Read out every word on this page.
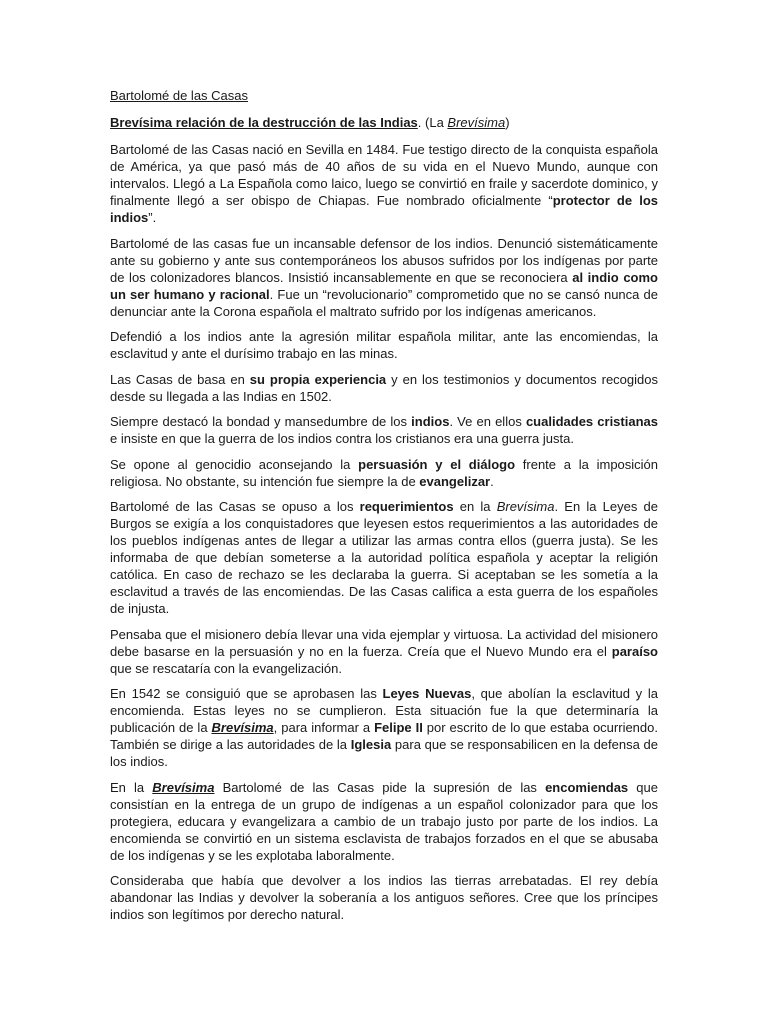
Bartolomé de las Casas

Brevísima relación de la destrucción de las Indias. (La Brevísima)

Bartolomé de las Casas nació en Sevilla en 1484. Fue testigo directo de la conquista española de América, ya que pasó más de 40 años de su vida en el Nuevo Mundo, aunque con intervalos. Llegó a La Española como laico, luego se convirtió en fraile y sacerdote dominico, y finalmente llegó a ser obispo de Chiapas. Fue nombrado oficialmente “protector de los indios”.

Bartolomé de las casas fue un incansable defensor de los indios. Denunció sistemáticamente ante su gobierno y ante sus contemporáneos los abusos sufridos por los indígenas por parte de los colonizadores blancos. Insistió incansablemente en que se reconociera al indio como un ser humano y racional. Fue un “revolucionario” comprometido que no se cansó nunca de denunciar ante la Corona española el maltrato sufrido por los indígenas americanos.

Defendió a los indios ante la agresión militar española militar, ante las encomiendas, la esclavitud y ante el durísimo trabajo en las minas.

Las Casas de basa en su propia experiencia y en los testimonios y documentos recogidos desde su llegada a las Indias en 1502.

Siempre destacó la bondad y mansedumbre de los indios. Ve en ellos cualidades cristianas e insiste en que la guerra de los indios contra los cristianos era una guerra justa.

Se opone al genocidio aconsejando la persuasión y el diálogo frente a la imposición religiosa. No obstante, su intención fue siempre la de evangelizar.

Bartolomé de las Casas se opuso a los requerimientos en la Brevísima. En la Leyes de Burgos se exigía a los conquistadores que leyesen estos requerimientos a las autoridades de los pueblos indígenas antes de llegar a utilizar las armas contra ellos (guerra justa). Se les informaba de que debían someterse a la autoridad política española y aceptar la religión católica. En caso de rechazo se les declaraba la guerra. Si aceptaban se les sometía a la esclavitud a través de las encomiendas. De las Casas califica a esta guerra de los españoles de injusta.

Pensaba que el misionero debía llevar una vida ejemplar y virtuosa. La actividad del misionero debe basarse en la persuasión y no en la fuerza. Creía que el Nuevo Mundo era el paraíso que se rescataría con la evangelización.

En 1542 se consiguió que se aprobasen las Leyes Nuevas, que abolían la esclavitud y la encomienda. Estas leyes no se cumplieron. Esta situación fue la que determinaría la publicación de la Brevísima, para informar a Felipe II por escrito de lo que estaba ocurriendo. También se dirige a las autoridades de la Iglesia para que se responsabilicen en la defensa de los indios.

En la Brevísima Bartolomé de las Casas pide la supresión de las encomiendas que consistían en la entrega de un grupo de indígenas a un español colonizador para que los protegiera, educara y evangelizara a cambio de un trabajo justo por parte de los indios. La encomienda se convirtió en un sistema esclavista de trabajos forzados en el que se abusaba de los indígenas y se les explotaba laboralmente.

Consideraba que había que devolver a los indios las tierras arrebatadas. El rey debía abandonar las Indias y devolver la soberanía a los antiguos señores. Cree que los príncipes indios son legítimos por derecho natural.
